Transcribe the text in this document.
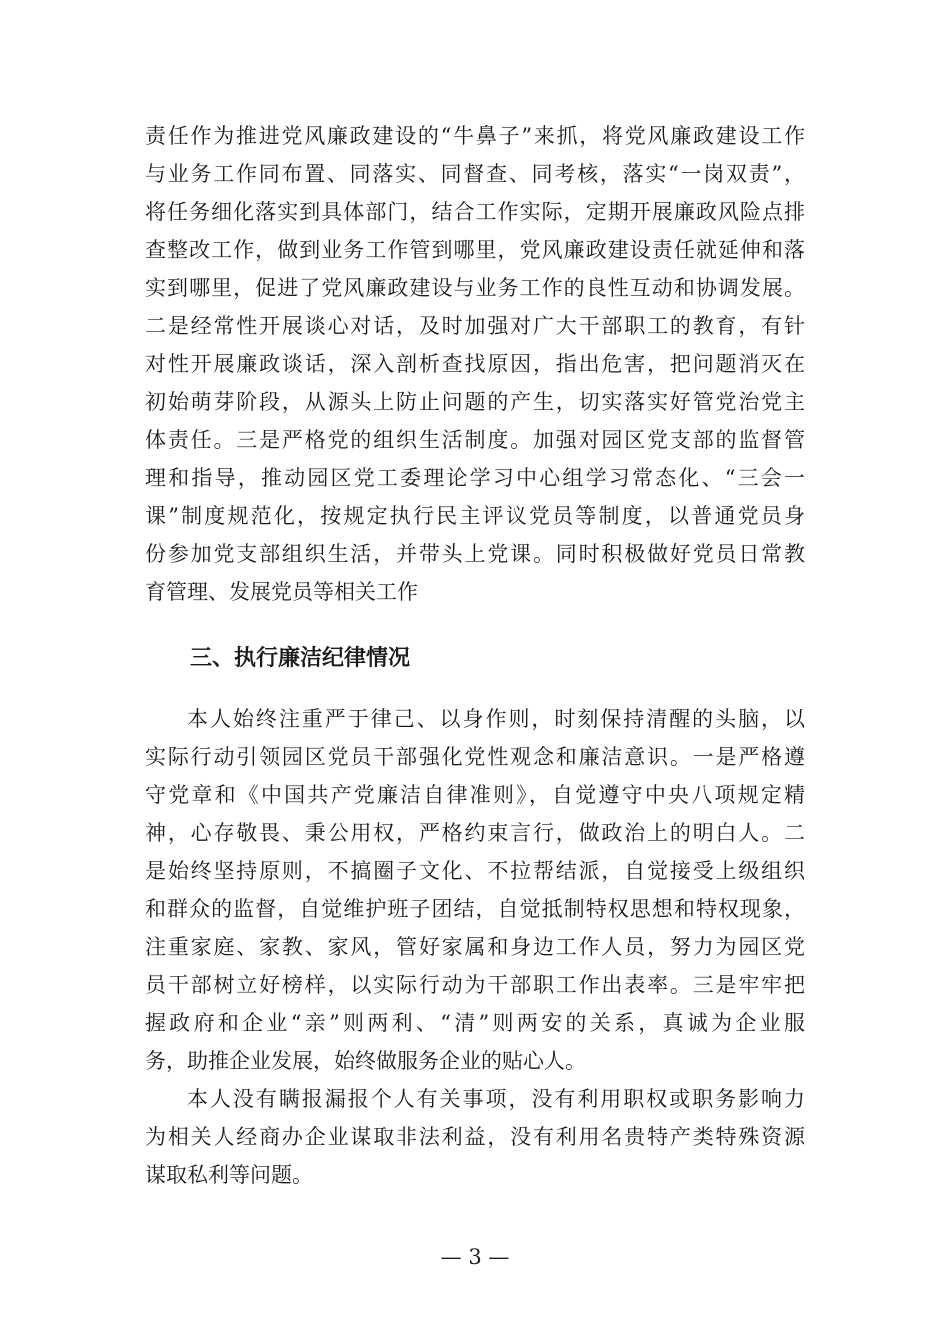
责任作为推进党风廉政建设的“牛鼻子”来抓，将党风廉政建设工作
与业务工作同布置、同落实、同督查、同考核，落实“一岗双责”，
将任务细化落实到具体部门，结合工作实际，定期开展廉政风险点排
查整改工作，做到业务工作管到哪里，党风廉政建设责任就延伸和落
实到哪里，促进了党风廉政建设与业务工作的良性互动和协调发展。
二是经常性开展谈心对话，及时加强对广大干部职工的教育，有针
对性开展廉政谈话，深入剖析查找原因，指出危害，把问题消灭在
初始萌芽阶段，从源头上防止问题的产生，切实落实好管党治党主
体责任。三是严格党的组织生活制度。加强对园区党支部的监督管
理和指导，推动园区党工委理论学习中心组学习常态化、“三会一
课”制度规范化，按规定执行民主评议党员等制度，以普通党员身
份参加党支部组织生活，并带头上党课。同时积极做好党员日常教
育管理、发展党员等相关工作
三、执行廉洁纪律情况
本人始终注重严于律己、以身作则，时刻保持清醒的头脑，以
实际行动引领园区党员干部强化党性观念和廉洁意识。一是严格遵
守党章和《中国共产党廉洁自律准则》，自觉遵守中央八项规定精
神，心存敬畏、秉公用权，严格约束言行，做政治上的明白人。二
是始终坚持原则，不搞圈子文化、不拉帮结派，自觉接受上级组织
和群众的监督，自觉维护班子团结，自觉抵制特权思想和特权现象，
注重家庭、家教、家风，管好家属和身边工作人员，努力为园区党
员干部树立好榜样，以实际行动为干部职工作出表率。三是牢牢把
握政府和企业“亲”则两利、“清”则两安的关系，真诚为企业服
务，助推企业发展，始终做服务企业的贴心人。
本人没有瞒报漏报个人有关事项，没有利用职权或职务影响力
为相关人经商办企业谋取非法利益，没有利用名贵特产类特殊资源
谋取私利等问题。
— 3 —
